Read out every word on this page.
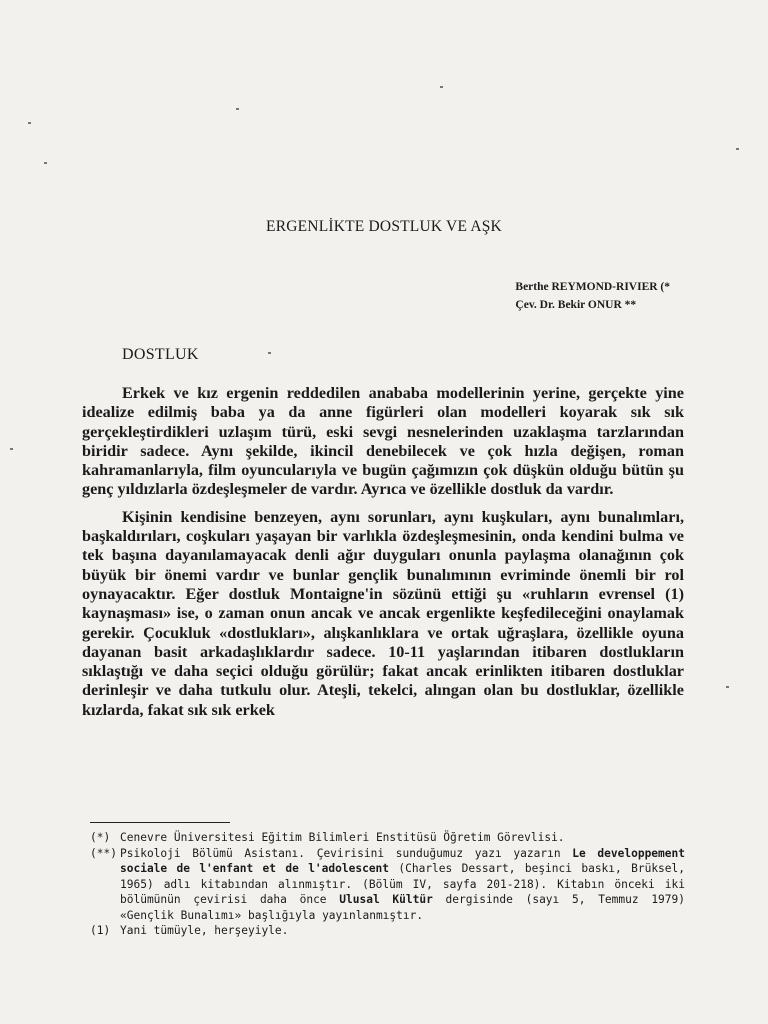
ERGENLİKTE DOSTLUK VE AŞK
Berthe REYMOND-RIVIER (*
Çev. Dr. Bekir ONUR **
DOSTLUK

Erkek ve kız ergenin reddedilen anababa modellerinin yerine, gerçekte yine idealize edilmiş baba ya da anne figürleri olan modelleri koyarak sık sık gerçekleştirdikleri uzlaşım türü, eski sevgi nesnelerinden uzaklaşma tarzlarından biridir sadece. Aynı şekilde, ikincil denebilecek ve çok hızla değişen, roman kahramanlarıyla, film oyuncularıyla ve bugün çağımızın çok düşkün olduğu bütün şu genç yıldızlarla özdeşleşmeler de vardır. Ayrıca ve özellikle dostluk da vardır.

Kişinin kendisine benzeyen, aynı sorunları, aynı kuşkuları, aynı bunalımları, başkaldırıları, coşkuları yaşayan bir varlıkla özdeşleşmesinin, onda kendini bulma ve tek başına dayanılamayacak denli ağır duyguları onunla paylaşma olanağının çok büyük bir önemi vardır ve bunlar gençlik bunalımının evriminde önemli bir rol oynayacaktır. Eğer dostluk Montaigne'in sözünü ettiği şu «ruhların evrensel (1) kaynaşması» ise, o zaman onun ancak ve ancak ergenlikte keşfedileceğini onaylamak gerekir. Çocukluk «dostlukları», alışkanlıklara ve ortak uğraşlara, özellikle oyuna dayanan basit arkadaşlıklardır sadece. 10-11 yaşlarından itibaren dostlukların sıklaştığı ve daha seçici olduğu görülür; fakat ancak erinlikten itibaren dostluklar derinleşir ve daha tutkulu olur. Ateşli, tekelci, alıngan olan bu dostluklar, özellikle kızlarda, fakat sık sık erkek

(*) Cenevre Üniversitesi Eğitim Bilimleri Enstitüsü Öğretim Görevlisi.
(**) Psikoloji Bölümü Asistanı. Çevirisini sunduğumuz yazı yazarın Le developpement sociale de l'enfant et de l'adolescent (Charles Dessart, beşinci baskı, Brüksel, 1965) adlı kitabından alınmıştır. (Bölüm IV, sayfa 201-218). Kitabın önceki iki bölümünün çevirisi daha önce Ulusal Kültür dergisinde (sayı 5, Temmuz 1979) «Gençlik Bunalımı» başlığıyla yayınlanmıştır.
(1) Yani tümüyle, herşeyiyle.
